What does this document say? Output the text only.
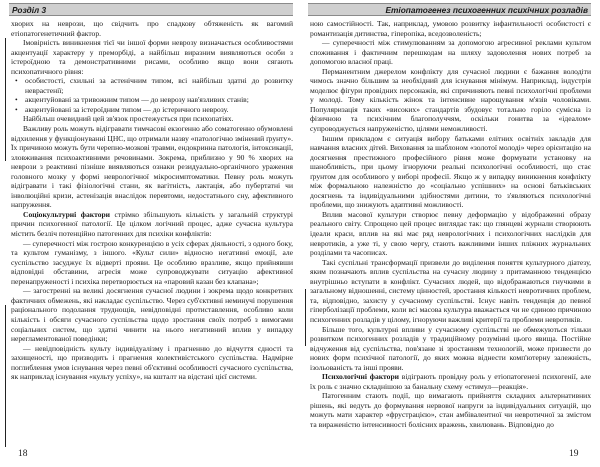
Розділ 3	Етіопатогенез психогенних психічних розладів

хворих на неврози, що свідчить про спадкову обтяженість як вагомий етіопатогенетичний фактор.

Імовірність виникнення тієї чи іншої форми неврозу визначається особливостями акцентуації характеру у преморбіді, а найбільш виразним виявляються особи з істероїдною та демонстративними рисами, особливо якщо вони сягають психопатичного рівня:

• особистості, схильні за астенічним типом, всі найбільш здатні до розвитку неврастенії;
• акцентуйовані за тривожним типом — до неврозу нав'язливих станів;
• акцентуйовані за істероїдним типом — до істеричного неврозу.

Найбільш очевидний цей зв'язок простежується при психопатіях.

Важливу роль можуть відігравати тимчасові екзогенно або соматогенно обумовлені відхилення у функціонуванні ЦНС, що отримали назву «патологічно змінений ґрунту». Їх причиною можуть бути черепно-мозкові травми, ендокринна патологія, інтоксикації, зловживання психоактивними речовинами. Зокрема, приблизно у 90 % хворих на неврози з реактивні пізніше виявляються ознаки резидуально-органічного ураження головного мозку у формі неврологічної мікросимптоматики. Певну роль можуть відігравати і такі фізіологічні стани, як вагітність, лактація, або пубертатні чи інволюційні кризи, астенізація внаслідок перевтоми, недостатнього сну, афективного напруження.

Соціокультурні фактори стрімко збільшують кількість у загальній структурі причин психогенної патології. Це цілком логічний процес, адже сучасна культура містить безліч потенційно патогенних для психіки конфліктів:

— суперечності між гострою конкуренцією в усіх сферах діяльності, з одного боку, та культом гуманізму, з іншого. «Культ сили» відносно негативні емоції, але суспільство засуджує їх відверті прояви. Це особливо вразливе, якщо прийнявши відповідні обставини, агресія може супроводжувати ситуацію афективної перенапруженості і психіка перетворюється на «паровий казан без клапана»;

— загостренні на великі досягнення сучасної людини і зокрема щодо конкретних фактичних обмежень, які накладає суспільство. Через суб'єктивні неминучі порушення раціонального подолання труднощів, невідповідні протиставлення, особливо коли кількість і обсяги сучасного суспільства щодо зростання своїх потреб з вимогами соціальних систем, що здатні чинити на нього негативний вплив у випадку нерегламентованої поведінки;

— невідповідність культу індивідуалізму і прагненню до відчуття єдності та захищеності, що призводить і прагнення колективістського суспільства. Надмірне поглиблення умов існування через певні об'єктивні особливості сучасного суспільства, як наприклад існування «культу успіху», на кшталт на відстані цієї системи.

ною самостійності. Так, наприклад, умовою розвитку інфантильності особистості є романтизація дитинства, гіперопіка, вседозволеність;

— суперечності між стимулюванням за допомогою агресивної реклами культом споживання і фактичним перешкодам на шляху задоволення нових потреб за допомогою власної праці.

Перманентним джерелом конфлікту для сучасної людини є бажання володіти чимось значно більшим за необхідний для існування мінімум. Наприклад, індустрія моделює фігури провідних персонажів, які спричиняють певні психологічні проблеми у молоді. Тому кількість жінок та інтенсивне нарощування м'язів чоловіками. Популяризація таких «високих» стандартів збудовує тотально горіло сумісна із фізичною та психічним благополуччям, оскільки гонитва за «ідеалом» супроводжується напруженістю, цілями неможливості.

Іншим прикладом є ситуація вибору батьками елітних освітніх закладів для навчання власних дітей. Виховання за шаблоном «золотої молоді» через орієнтацію на досягнення престижного професійного рівня може формувати установку на шанобливість, при цьому ігноруючи реальні психологічні особливості, що стає ґрунтом для особливого у виборі професії. Якщо ж у випадку виникнення конфлікту між формальною належністю до «соціально успішних» на основі батьківських досягнень та індивідуальними здібностями дитини, то з'являються психологічні проблеми, що знижують адаптивні можливості.

Вплив масової культури створює певну деформацію у відображенні образу реального світу. Спрощено цей процес виглядає так: що глянцеві журнали створюють ідеали краси, вплив на які має ряд неврологічних і психологічних наслідків для невротиків, а уже ті, у свою чергу, стають важливими інших пліжних журнальних розділами та часописах.

Такі суспільні трансформації призвели до виділення поняття культурного діатезу, яким позначають вплив суспільства на сучасну людину з притаманною тенденцією внутрішньо вступати в конфлікт. Сучасних людей, що відображаються гнучкими в загальному відношенні, систему цінностей, зростання кількості невротичних проблем, та, відповідно, захисту у сучасному суспільстві. Існує навіть тенденція до певної гіперболізації проблеми, коли всі масова культура вважається чи не єдиною причиною психогенних розладів у цілому, ігноруючи важливі критерії та проблеми невротиків.

Більше того, культурні впливи у сучасному суспільстві не обмежуються тільки розвитком психогенних розладів у традиційному розумінні цього явища. Постійне відчуження від суспільства, пов'язане зі зростанням технологій, може призвести до нових форм психічної патології, до яких можна віднести комп'ютерну залежність, ізольованість та інші прояви.

Психологічні фактори відіграють провідну роль у етіопатогенезі психогенії, але їх роль є значно складнішою за банальну схему «стимул—реакція».

Патогенним стають події, що вимагають прийняття складних альтернативних рішень, які ведуть до формування нервової напруги за індивідуальних ситуацій, що можуть мати характер «фрустрацією», стан амбівалентної чи невротичної за змістом та вираженістю інтенсивності болісних вражень, хвилювань. Відповідно до

18	19
